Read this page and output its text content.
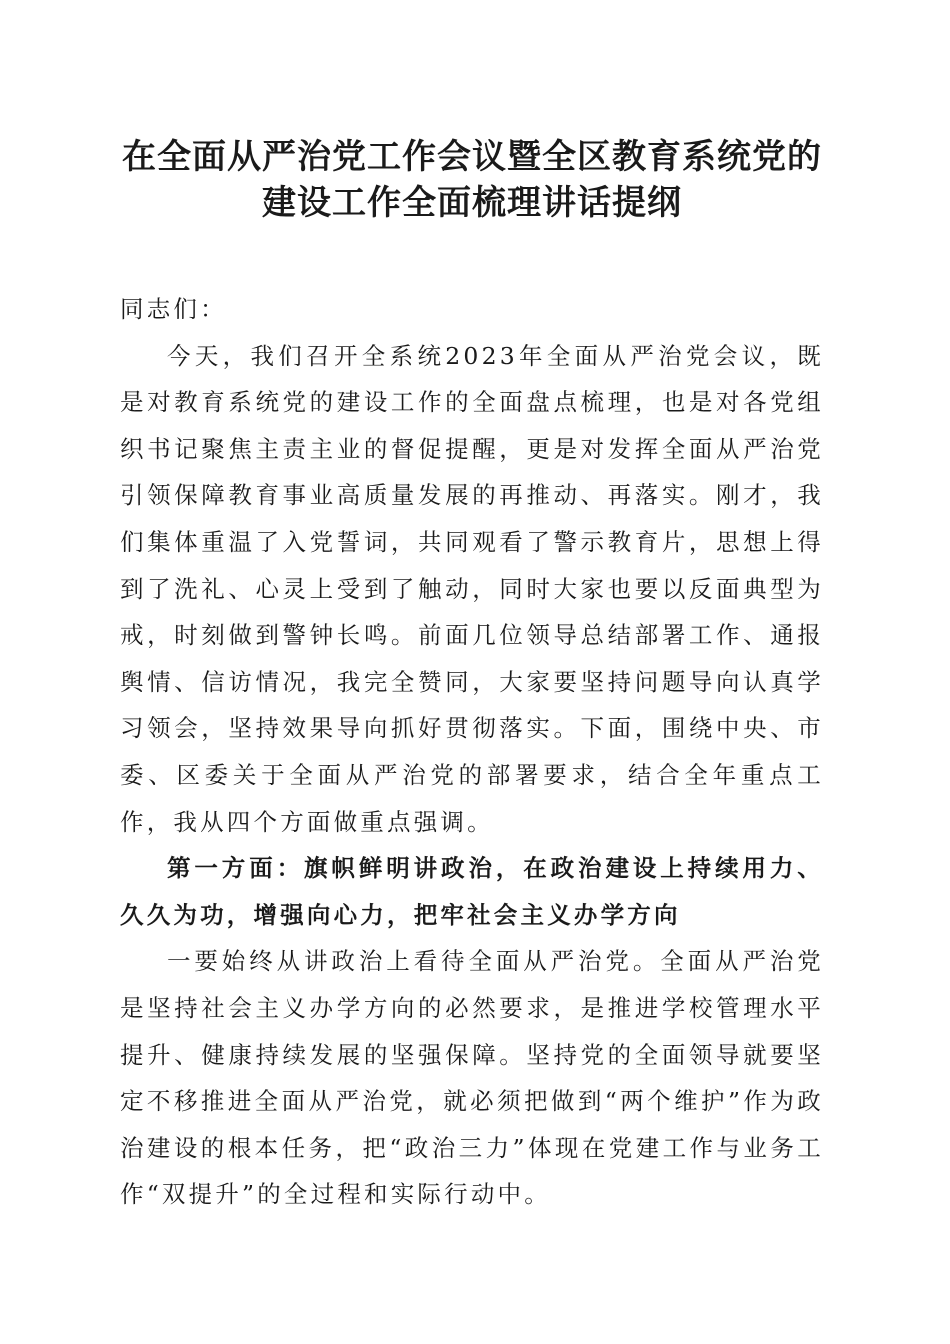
在全面从严治党工作会议暨全区教育系统党的
建设工作全面梳理讲话提纲

同志们：

今天，我们召开全系统2023年全面从严治党会议，既是对教育系统党的建设工作的全面盘点梳理，也是对各党组织书记聚焦主责主业的督促提醒，更是对发挥全面从严治党引领保障教育事业高质量发展的再推动、再落实。刚才，我们集体重温了入党誓词，共同观看了警示教育片，思想上得到了洗礼、心灵上受到了触动，同时大家也要以反面典型为戒，时刻做到警钟长鸣。前面几位领导总结部署工作、通报舆情、信访情况，我完全赞同，大家要坚持问题导向认真学习领会，坚持效果导向抓好贯彻落实。下面，围绕中央、市委、区委关于全面从严治党的部署要求，结合全年重点工作，我从四个方面做重点强调。

第一方面：旗帜鲜明讲政治，在政治建设上持续用力、久久为功，增强向心力，把牢社会主义办学方向

一要始终从讲政治上看待全面从严治党。全面从严治党是坚持社会主义办学方向的必然要求，是推进学校管理水平提升、健康持续发展的坚强保障。坚持党的全面领导就要坚定不移推进全面从严治党，就必须把做到“两个维护”作为政治建设的根本任务，把“政治三力”体现在党建工作与业务工作“双提升”的全过程和实际行动中。
